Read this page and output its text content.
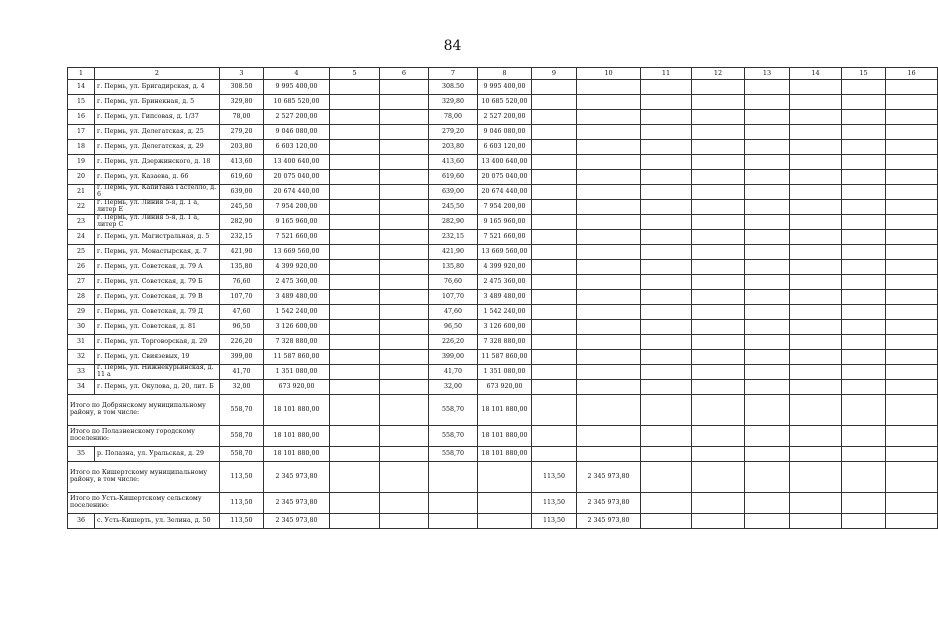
84
1	2	3	4	5	6	7	8	9	10	11	12	13	14	15	16
14	г. Пермь, ул. Бригадирская, д. 4	308.50	9 995 400,00			308.50	9 995 400,00								
15	г. Пермь, ул. Бринекная, д. 5	329,80	10 685 520,00			329,80	10 685 520,00								
16	г. Пермь, ул. Гипсовая, д. 1/37	78,00	2 527 200,00			78,00	2 527 200,00								
17	г. Пермь, ул. Делегатская, д. 25	279,20	9 046 080,00			279,20	9 046 080,00								
18	г. Пермь, ул. Делегатская, д. 29	203,80	6 603 120,00			203,80	6 603 120,00								
19	г. Пермь, ул. Дзержинского, д. 18	413,60	13 400 640,00			413,60	13 400 640,00								
20	г. Пермь, ул. Казаева, д. 66	619,60	20 075 040,00			619,60	20 075 040,00								
21	г. Пермь, ул. Капитана Гастелло, д. 6	639,00	20 674 440,00			639,00	20 674 440,00								
22	г. Пермь, ул. Линия 5-я, д. 1 а, литер Е	245,50	7 954 200,00			245,50	7 954 200,00								
23	г. Пермь, ул. Линия 5-я, д. 1 а, литер С	282,90	9 165 960,00			282,90	9 165 960,00								
24	г. Пермь, ул. Магистральная, д. 5	232,15	7 521 660,00			232,15	7 521 660,00								
25	г. Пермь, ул. Монастырская, д. 7	421,90	13 669 560,00			421,90	13 669 560,00								
26	г. Пермь, ул. Советская, д. 79 А	135,80	4 399 920,00			135,80	4 399 920,00								
27	г. Пермь, ул. Советская, д. 79 Б	76,60	2 475 360,00			76,60	2 475 360,00								
28	г. Пермь, ул. Советская, д. 79 В	107,70	3 489 480,00			107,70	3 489 480,00								
29	г. Пермь, ул. Советская, д. 79 Д	47,60	1 542 240,00			47,60	1 542 240,00								
30	г. Пермь, ул. Советская, д. 81	96,50	3 126 600,00			96,50	3 126 600,00								
31	г. Пермь, ул. Торговорская, д. 29	226,20	7 328 880,00			226,20	7 328 880,00								
32	г. Пермь, ул. Свиязевых, 19	399,00	11 587 860,00			399,00	11 587 860,00								
33	г. Пермь, ул. Нижнекурьинская, д. 11 а	41,70	1 351 080,00			41,70	1 351 080,00								
34	г. Пермь, ул. Окулова, д. 20, лит. Б	32,00	673 920,00			32,00	673 920,00								
Итого по Добрянскому муниципальному району, в том числе:		558,70	18 101 880,00			558,70	18 101 880,00								
Итого по Полазненскому городскому поселению:		558,70	18 101 880,00			558,70	18 101 880,00								
35	р. Полазна, ул. Уральская, д. 29	558,70	18 101 880,00			558,70	18 101 880,00								
Итого по Кишертскому муниципальному району, в том числе:		113,50	2 345 973,80					113,50	2 345 973,80						
Итого по Усть-Кишертскому сельскому поселению:		113,50	2 345 973,80					113,50	2 345 973,80						
36	с. Усть-Кишерть, ул. Зелина, д. 50	113,50	2 345 973,80					113,50	2 345 973,80						
